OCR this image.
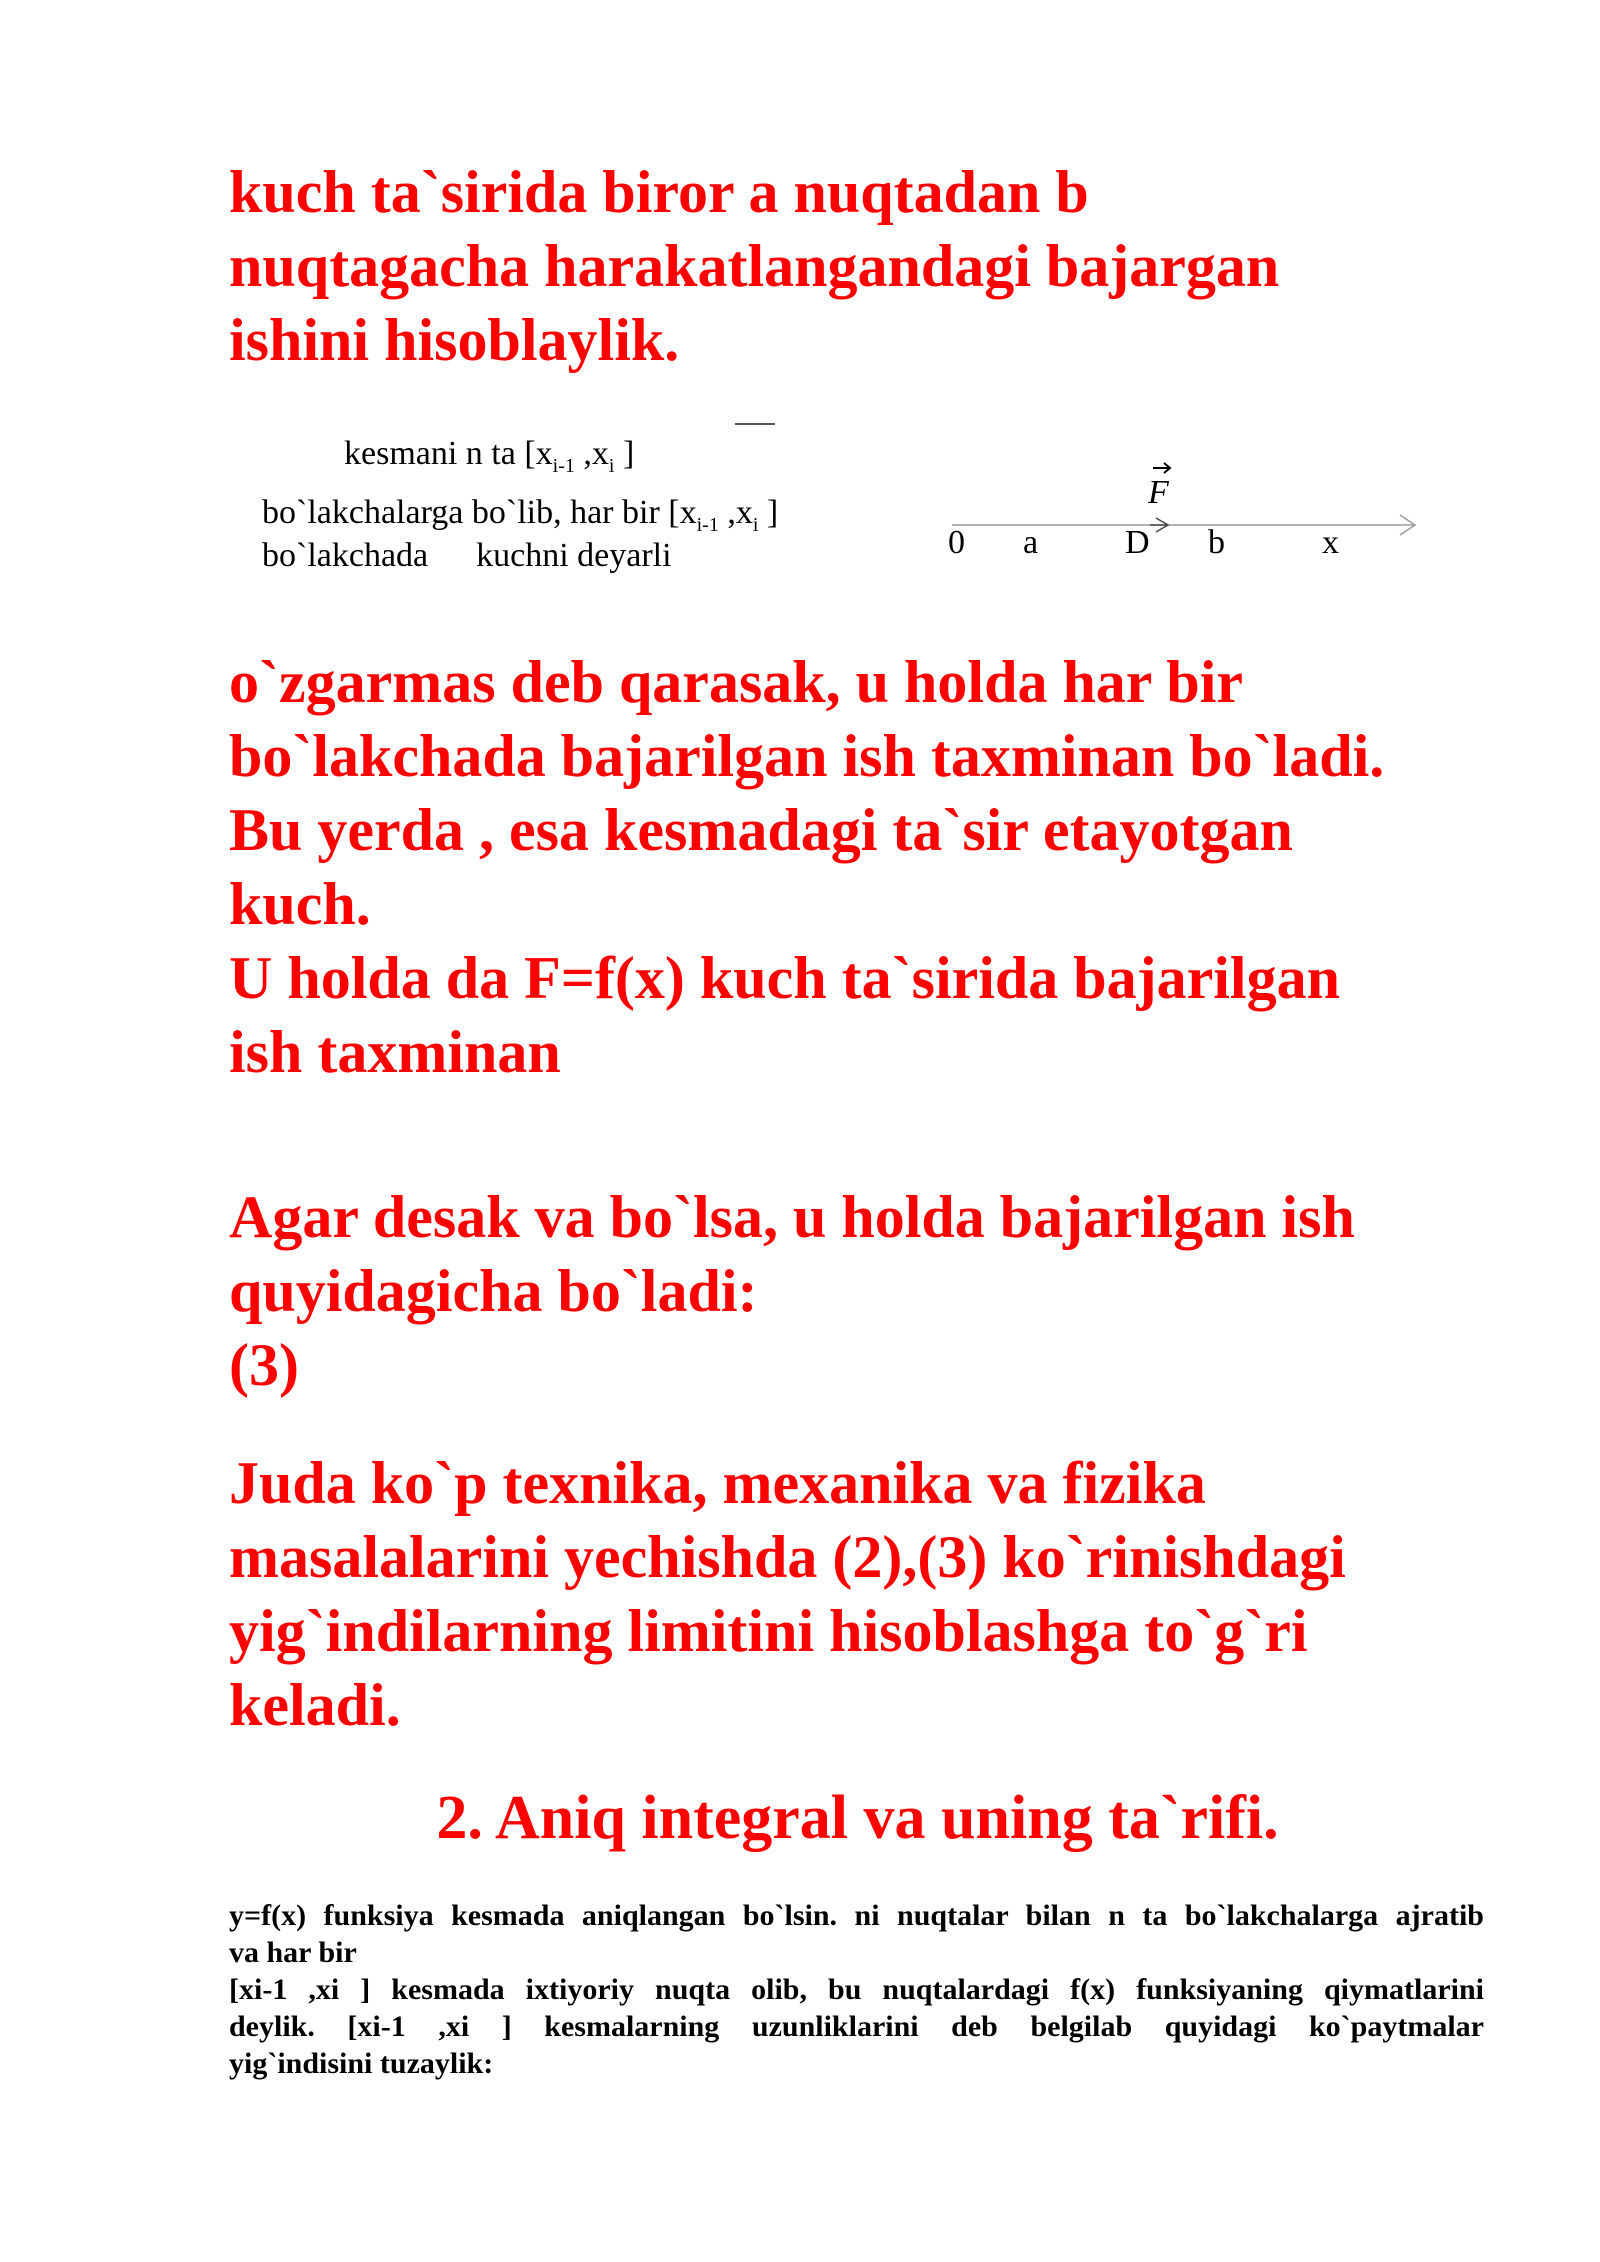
kuch ta`sirida biror a nuqtadan b
nuqtagacha harakatlangandagi bajargan
ishini hisoblaylik.
kesmani n ta [$x_{i-1}$ $,x_i$ ]
bo`lakchalarga bo`lib, har bir [$x_{i-1}$ $,x_i$ ]
bo`lakchada kuchni deyarli
F
0 a	D b	x
o`zgarmas deb qarasak, u holda har bir
bo`lakchada bajarilgan ish taxminan bo`ladi.
Bu yerda , esa kesmadagi ta`sir etayotgan
kuch.
U holda da F=f(x) kuch ta`sirida bajarilgan
ish taxminan
Agar desak va bo`lsa, u holda bajarilgan ish
quyidagicha bo`ladi:
(3)
Juda ko`p texnika, mexanika va fizika
masalalarini yechishda (2),(3) ko`rinishdagi
yig`indilarning limitini hisoblashga to`g`ri
keladi.
2. Aniq integral va uning ta`rifi.
y=f(x) funksiya kesmada aniqlangan bo`lsin. ni nuqtalar bilan n ta bo`lakchalarga ajratib
va har bir
[xi-1 ,xi ] kesmada ixtiyoriy nuqta olib, bu nuqtalardagi f(x) funksiyaning qiymatlarini
deylik. [xi-1 ,xi ] kesmalarning uzunliklarini deb belgilab quyidagi ko`paytmalar
yig`indisini tuzaylik:
